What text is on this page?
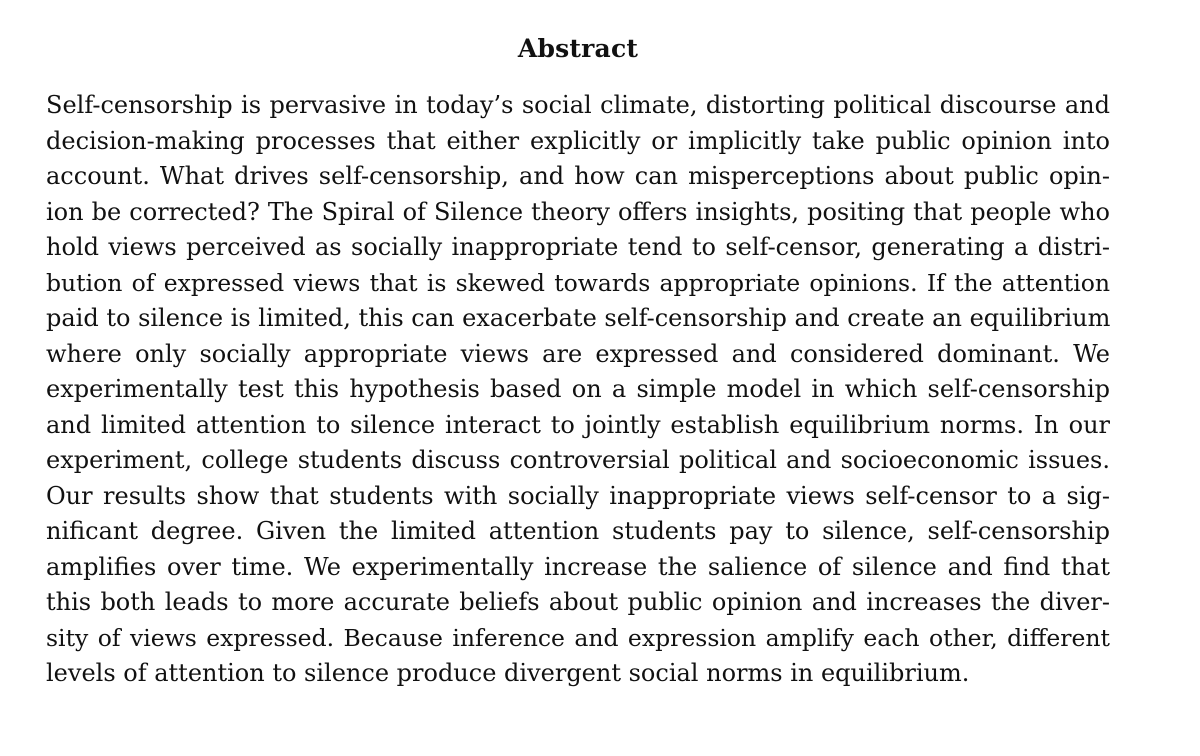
Abstract
Self-censorship is pervasive in today’s social climate, distorting political discourse and
decision-making processes that either explicitly or implicitly take public opinion into
account. What drives self-censorship, and how can misperceptions about public opin-
ion be corrected? The Spiral of Silence theory offers insights, positing that people who
hold views perceived as socially inappropriate tend to self-censor, generating a distri-
bution of expressed views that is skewed towards appropriate opinions. If the attention
paid to silence is limited, this can exacerbate self-censorship and create an equilibrium
where only socially appropriate views are expressed and considered dominant. We
experimentally test this hypothesis based on a simple model in which self-censorship
and limited attention to silence interact to jointly establish equilibrium norms. In our
experiment, college students discuss controversial political and socioeconomic issues.
Our results show that students with socially inappropriate views self-censor to a sig-
nificant degree. Given the limited attention students pay to silence, self-censorship
amplifies over time. We experimentally increase the salience of silence and find that
this both leads to more accurate beliefs about public opinion and increases the diver-
sity of views expressed. Because inference and expression amplify each other, different
levels of attention to silence produce divergent social norms in equilibrium.
